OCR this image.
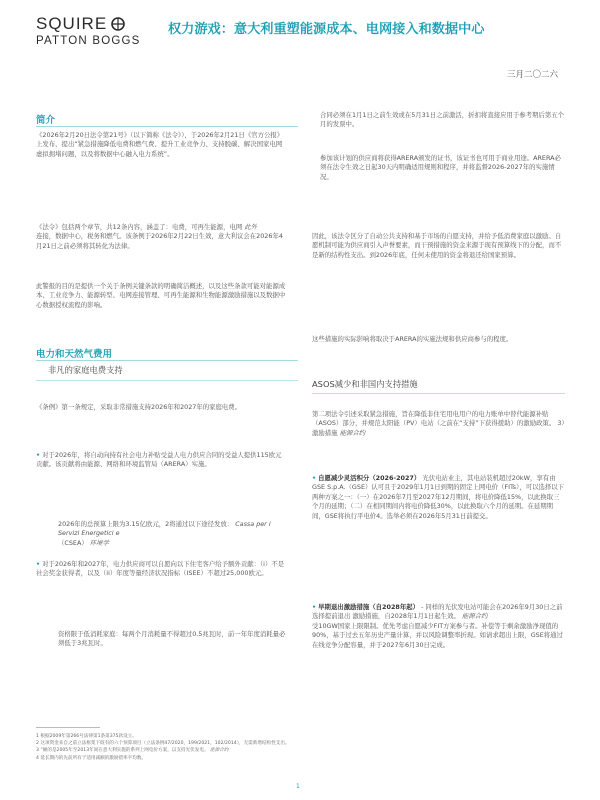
SQUIRE
PATTON BOGGS
权力游戏：意大利重塑能源成本、电网接入和数据中心
三月二〇二六
简介
《2026年2月20日法令第21号》（以下简称《法令》），于2026年2月21日《官方公报》上发布，提出“紧急措施降低电费和燃气费、提升工业竞争力、支持脱碳、解决国家电网虚拟拥堵问题，以及将数据中心融入电力系统”。
《法令》包括两个章节，共12条内容，涵盖了：电费，可再生能源，电网 此外
连接，数据中心，税务和燃气。该条例于2026年2月22日生效，意大利议会在2026年4月21日之前必须将其转化为法律。
此警报的目的是提供一个关于条例关键条款的明确简洁概述，以及这些条款可能对能源成本、工业竞争力、能源转型、电网连接管理、可再生能源和生物能源激励措施以及数据中心数据授权流程的影响。
电力和天然气费用
非凡的家庭电费支持
《条例》第一条规定，采取非常措施支持2026年和2027年的家庭电费。
• 对于2026年，将自动向持有社会电力补贴受益人电力供应合同的受益人提供115欧元贡献。该贡献将由能源、网络和环境监管局（ARERA）实施。
2026年的总预算上限为3.15亿欧元，2将通过以下途径发放： Cassa per i Servizi Energetici e
（CSEA） 环境学
• 对于2026年和2027年，电力供应商可以自愿向以下住宅客户给予额外贡献：（i）不是社会奖金获得者，以及（ii）年度等量经济状况指标（ISEE）不超过25,000欧元。
资格限于低消耗家庭：每两个月消耗量不得超过0.5兆瓦时，前一年年度消耗量必须低于3兆瓦时。
合同必须在1月1日之前生效或在5月31日之前激活，折扣将直接应用于参考期后第五个月的发票中。
参加该计划的供应商将获得ARERA颁发的证书，该证书也可用于商业用途。ARERA必须在法令生效之日起30天内明确适用规则和程序，并将监督2026-2027年的实施情况。
因此，该法令区分了自动公共支持和基于市场的自愿支持，并给予低消费家庭以激励。自愿机制可能为供应商引入声誉要素，而干预措施的资金来源于现有预算线下的分配，而不是新的结构性支出。到2026年底，任何未使用的资金将退还给国家预算。
这些措施的实际影响将取决于ARERA的实施法规和供应商参与的程度。
ASOS减少和非国内支持措施
第二项法令引述采取紧急措施，旨在降低非住宅用电用户的电力账单中替代能源补贴（ASOS）部分，并规范太阳能（PV）电站（之前在“支持”下获得援助）的激励政策。 3）激励措施 能源合约
• 自愿减少灵活积分（2026-2027） 光伏电站业主，其电站装机超过20kW，享有由GSE S.p.A.（GSE）认可且于2029年1月1日到期的固定上网电价（FITs），可以选择以下两种方案之一：（一）在2026年7月至2027年12月期间，将电价降低15%，以此换取三个月的延期；（二）在相同期间内将电价降低30%，以此换取六个月的延期。在延期期间，GSE将执行平电价4。选举必须在2026年5月31日前提交。
• 早期退出激励措施（自2028年起） - 同样的光伏发电站可能会在2026年9月30日之前选择提前退出 激励措施，自2028年1月1日起生效。 能源合约
受10GW国家上限限制。优先考虑自愿减少FIT方案参与者。补偿等于剩余激励净现值的90%，基于过去五年历史产量计算，并以风险调整率折现。如请求超出上限，GSE将通过在线竞争分配容量，并于2027年6月30日完成。
1 根据2009年第266号法律第1条第375款设立。
2 这项资金来自之前立法框架下既有的六个预算项目（立法条例47/2020，199/2021，102/2014），无需新增结构性支出。
3 “额的是2005年至2013年间在意大利实施的系列上网电价方案，以支持光伏发电。 能源合约
4 延长期内的先前所有于适用减额的激励措率平均数。
1
